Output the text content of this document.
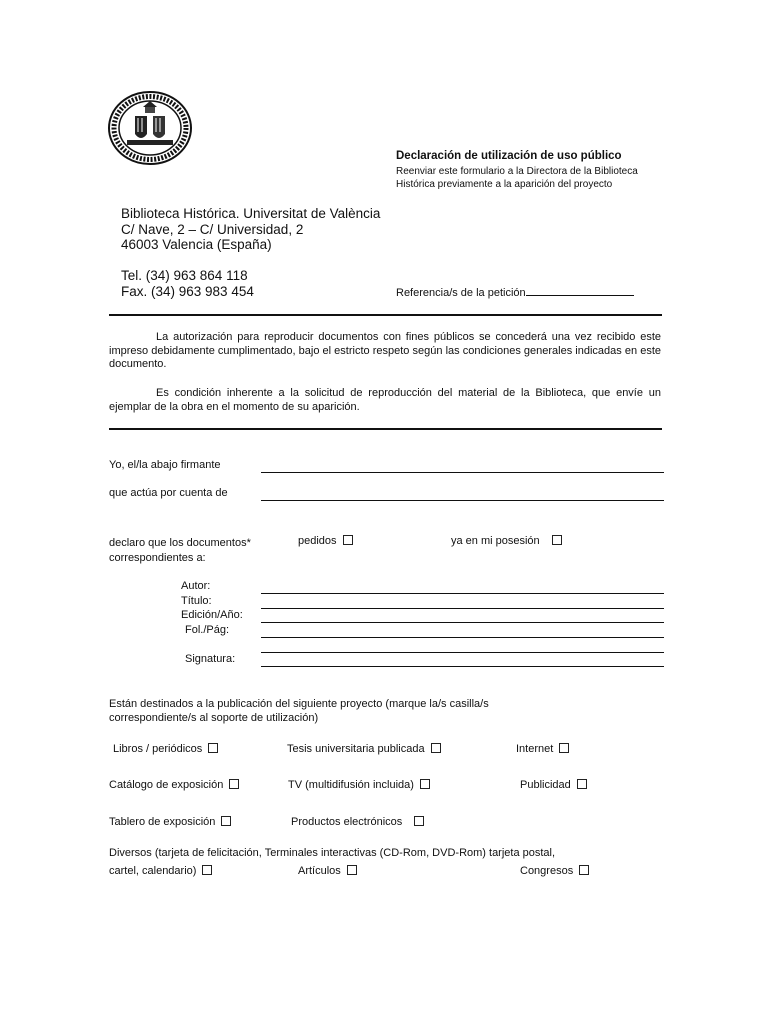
Declaración de utilización de uso público
Reenviar este formulario a la Directora de la Biblioteca
Histórica previamente a la aparición del proyecto
Biblioteca Histórica. Universitat de València
C/ Nave, 2 – C/ Universidad, 2
46003 Valencia (España)
Tel. (34) 963 864 118
Fax. (34) 963 983 454	Referencia/s de la petición
La autorización para reproducir documentos con fines públicos se concederá una vez recibido este impreso debidamente cumplimentado, bajo el estricto respeto según las condiciones generales indicadas en este documento.
Es condición inherente a la solicitud de reproducción del material de la Biblioteca, que envíe un ejemplar de la obra en el momento de su aparición.
Yo, el/la abajo firmante
que actúa por cuenta de
declaro que los documentos*
correspondientes a:
pedidos	ya en mi posesión
Autor:
Título:
Edición/Año:
Fol./Pág:
Signatura:
Están destinados a la publicación del siguiente proyecto (marque la/s casilla/s
correspondiente/s al soporte de utilización)
Libros / periódicos	Tesis universitaria publicada	Internet
Catálogo de exposición	TV (multidifusión incluida)	Publicidad
Tablero de exposición	Productos electrónicos
Diversos (tarjeta de felicitación, Terminales interactivas (CD-Rom, DVD-Rom) tarjeta postal,
cartel, calendario)	Artículos	Congresos
